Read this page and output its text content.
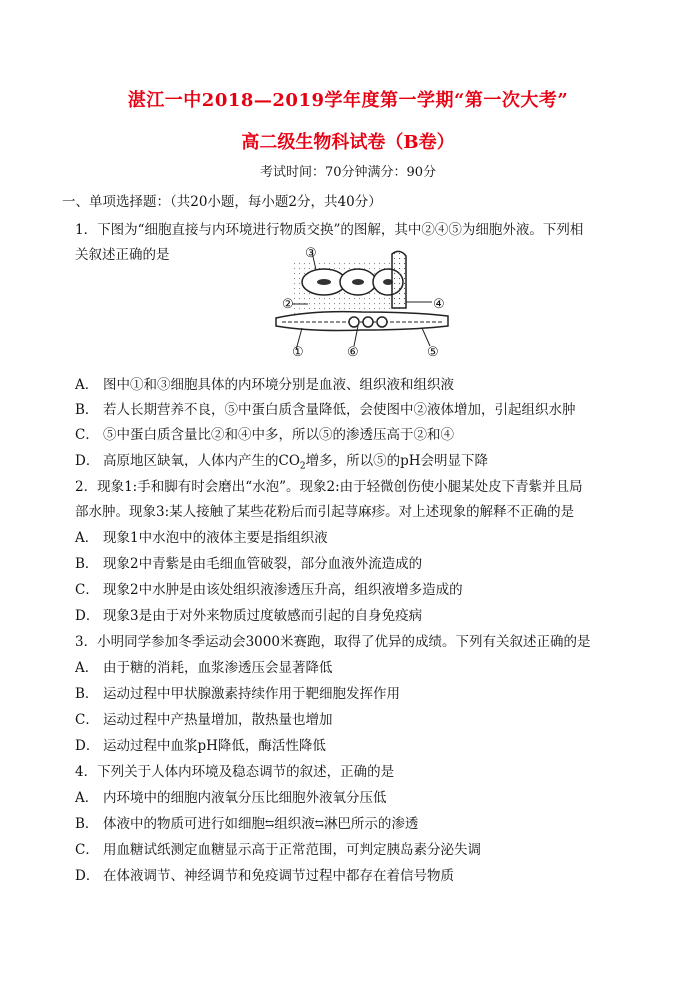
湛江一中2018—2019学年度第一学期“第一次大考”
高二级生物科试卷（B卷）
考试时间：70分钟满分：90分
一、单项选择题：（共20小题，每小题2分，共40分）
1．下图为“细胞直接与内环境进行物质交换”的图解，其中②④⑤为细胞外液。下列相
关叙述正确的是	③
②	④
①	⑥	⑤
A． 图中①和③细胞具体的内环境分别是血液、组织液和组织液
B． 若人长期营养不良，⑤中蛋白质含量降低，会使图中②液体增加，引起组织水肿
C． ⑤中蛋白质含量比②和④中多，所以⑤的渗透压高于②和④
D． 高原地区缺氧，人体内产生的$CO_2$增多，所以⑤的pH会明显下降
2．现象1:手和脚有时会磨出“水泡”。现象2:由于轻微创伤使小腿某处皮下青紫并且局
部水肿。现象3:某人接触了某些花粉后而引起荨麻疹。对上述现象的解释不正确的是
A． 现象1中水泡中的液体主要是指组织液
B． 现象2中青紫是由毛细血管破裂，部分血液外流造成的
C． 现象2中水肿是由该处组织液渗透压升高，组织液增多造成的
D． 现象3是由于对外来物质过度敏感而引起的自身免疫病
3．小明同学参加冬季运动会3000米赛跑，取得了优异的成绩。下列有关叙述正确的是
A． 由于糖的消耗，血浆渗透压会显著降低
B． 运动过程中甲状腺激素持续作用于靶细胞发挥作用
C． 运动过程中产热量增加，散热量也增加
D． 运动过程中血浆pH降低，酶活性降低
4．下列关于人体内环境及稳态调节的叙述，正确的是
A． 内环境中的细胞内液氧分压比细胞外液氧分压低
B． 体液中的物质可进行如细胞⇆组织液⇆淋巴所示的渗透
C． 用血糖试纸测定血糖显示高于正常范围，可判定胰岛素分泌失调
D． 在体液调节、神经调节和免疫调节过程中都存在着信号物质
